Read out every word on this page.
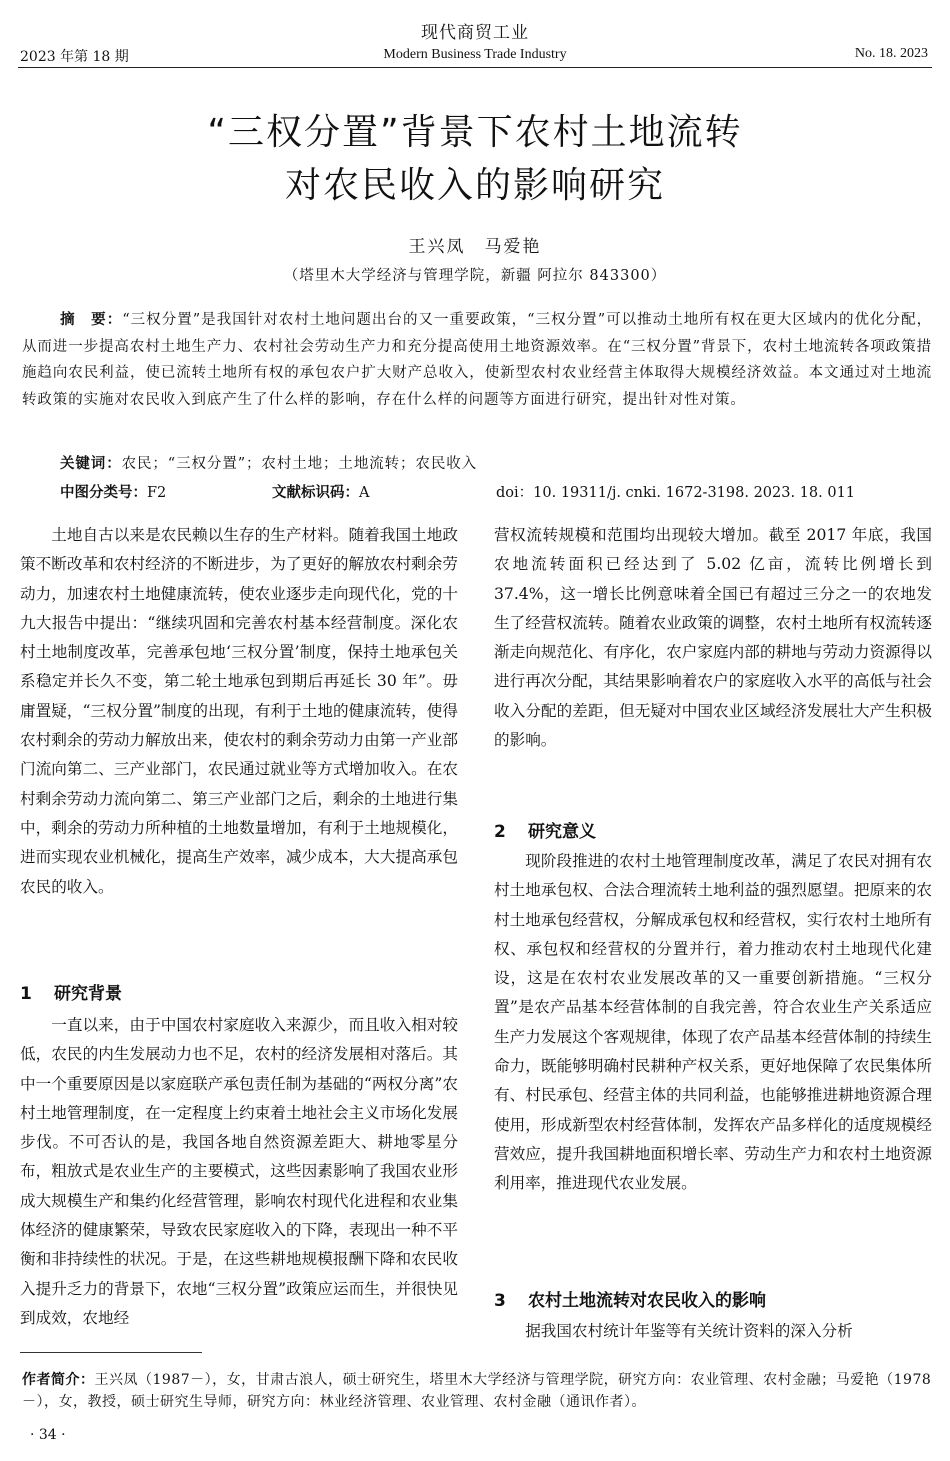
现代商贸工业
2023 年第 18 期	Modern Business Trade Industry	No. 18. 2023
“三权分置”背景下农村土地流转
对农民收入的影响研究
王兴凤　马爱艳
（塔里木大学经济与管理学院，新疆 阿拉尔 843300）
摘　要：“三权分置”是我国针对农村土地问题出台的又一重要政策，“三权分置”可以推动土地所有权在更大区域内的优化分配，从而进一步提高农村土地生产力、农村社会劳动生产力和充分提高使用土地资源效率。在“三权分置”背景下，农村土地流转各项政策措施趋向农民利益，使已流转土地所有权的承包农户扩大财产总收入，使新型农村农业经营主体取得大规模经济效益。本文通过对土地流转政策的实施对农民收入到底产生了什么样的影响，存在什么样的问题等方面进行研究，提出针对性对策。
关键词：农民；“三权分置”；农村土地；土地流转；农民收入
中图分类号：F2	文献标识码：A	doi：10. 19311/j. cnki. 1672-3198. 2023. 18. 011

土地自古以来是农民赖以生存的生产材料。随着我国土地政策不断改革和农村经济的不断进步，为了更好的解放农村剩余劳动力，加速农村土地健康流转，使农业逐步走向现代化，党的十九大报告中提出：“继续巩固和完善农村基本经营制度。深化农村土地制度改革，完善承包地‘三权分置’制度，保持土地承包关系稳定并长久不变，第二轮土地承包到期后再延长 30 年”。毋庸置疑，“三权分置”制度的出现，有利于土地的健康流转，使得农村剩余的劳动力解放出来，使农村的剩余劳动力由第一产业部门流向第二、三产业部门，农民通过就业等方式增加收入。在农村剩余劳动力流向第二、第三产业部门之后，剩余的土地进行集中，剩余的劳动力所种植的土地数量增加，有利于土地规模化，进而实现农业机械化，提高生产效率，减少成本，大大提高承包农民的收入。

1 研究背景

一直以来，由于中国农村家庭收入来源少，而且收入相对较低，农民的内生发展动力也不足，农村的经济发展相对落后。其中一个重要原因是以家庭联产承包责任制为基础的“两权分离”农村土地管理制度，在一定程度上约束着土地社会主义市场化发展步伐。不可否认的是，我国各地自然资源差距大、耕地零星分布，粗放式是农业生产的主要模式，这些因素影响了我国农业形成大规模生产和集约化经营管理，影响农村现代化进程和农业集体经济的健康繁荣，导致农民家庭收入的下降，表现出一种不平衡和非持续性的状况。于是，在这些耕地规模报酬下降和农民收入提升乏力的背景下，农地“三权分置”政策应运而生，并很快见到成效，农地经

营权流转规模和范围均出现较大增加。截至 2017 年底，我国农地流转面积已经达到了 5.02 亿亩，流转比例增长到 37.4%，这一增长比例意味着全国已有超过三分之一的农地发生了经营权流转。随着农业政策的调整，农村土地所有权流转逐渐走向规范化、有序化，农户家庭内部的耕地与劳动力资源得以进行再次分配，其结果影响着农户的家庭收入水平的高低与社会收入分配的差距，但无疑对中国农业区域经济发展壮大产生积极的影响。

2 研究意义

现阶段推进的农村土地管理制度改革，满足了农民对拥有农村土地承包权、合法合理流转土地利益的强烈愿望。把原来的农村土地承包经营权，分解成承包权和经营权，实行农村土地所有权、承包权和经营权的分置并行，着力推动农村土地现代化建设，这是在农村农业发展改革的又一重要创新措施。“三权分置”是农产品基本经营体制的自我完善，符合农业生产关系适应生产力发展这个客观规律，体现了农产品基本经营体制的持续生命力，既能够明确村民耕种产权关系，更好地保障了农民集体所有、村民承包、经营主体的共同利益，也能够推进耕地资源合理使用，形成新型农村经营体制，发挥农产品多样化的适度规模经营效应，提升我国耕地面积增长率、劳动生产力和农村土地资源利用率，推进现代农业发展。

3 农村土地流转对农民收入的影响

据我国农村统计年鉴等有关统计资料的深入分析

作者简介：王兴凤（1987－），女，甘肃古浪人，硕士研究生，塔里木大学经济与管理学院，研究方向：农业管理、农村金融；马爱艳（1978－），女，教授，硕士研究生导师，研究方向：林业经济管理、农业管理、农村金融（通讯作者）。
· 34 ·
